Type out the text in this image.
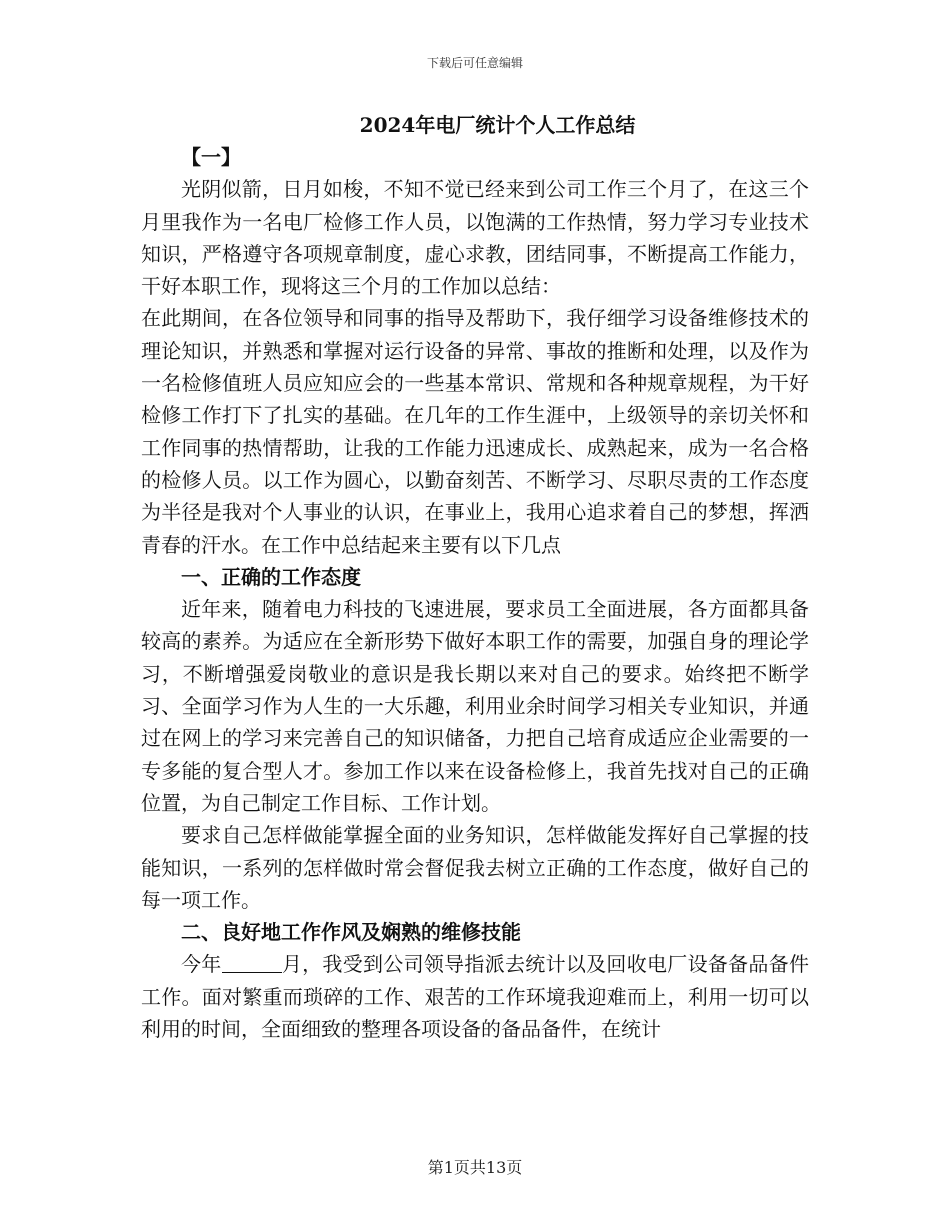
下载后可任意编辑
2024年电厂统计个人工作总结

【一】

光阴似箭，日月如梭，不知不觉已经来到公司工作三个月了，在这三个月里我作为一名电厂检修工作人员，以饱满的工作热情，努力学习专业技术知识，严格遵守各项规章制度，虚心求教，团结同事，不断提高工作能力，干好本职工作，现将这三个月的工作加以总结：

在此期间，在各位领导和同事的指导及帮助下，我仔细学习设备维修技术的理论知识，并熟悉和掌握对运行设备的异常、事故的推断和处理，以及作为一名检修值班人员应知应会的一些基本常识、常规和各种规章规程，为干好检修工作打下了扎实的基础。在几年的工作生涯中，上级领导的亲切关怀和工作同事的热情帮助，让我的工作能力迅速成长、成熟起来，成为一名合格的检修人员。以工作为圆心，以勤奋刻苦、不断学习、尽职尽责的工作态度为半径是我对个人事业的认识，在事业上，我用心追求着自己的梦想，挥洒青春的汗水。在工作中总结起来主要有以下几点

一、正确的工作态度

近年来，随着电力科技的飞速进展，要求员工全面进展，各方面都具备较高的素养。为适应在全新形势下做好本职工作的需要，加强自身的理论学习，不断增强爱岗敬业的意识是我长期以来对自己的要求。始终把不断学习、全面学习作为人生的一大乐趣，利用业余时间学习相关专业知识，并通过在网上的学习来完善自己的知识储备，力把自己培育成适应企业需要的一专多能的复合型人才。参加工作以来在设备检修上，我首先找对自己的正确位置，为自己制定工作目标、工作计划。

要求自己怎样做能掌握全面的业务知识，怎样做能发挥好自己掌握的技能知识，一系列的怎样做时常会督促我去树立正确的工作态度，做好自己的每一项工作。

二、良好地工作作风及娴熟的维修技能

今年	月，我受到公司领导指派去统计以及回收电厂设备备品备件工作。面对繁重而琐碎的工作、艰苦的工作环境我迎难而上，利用一切可以利用的时间，全面细致的整理各项设备的备品备件，在统计

第1页共13页
